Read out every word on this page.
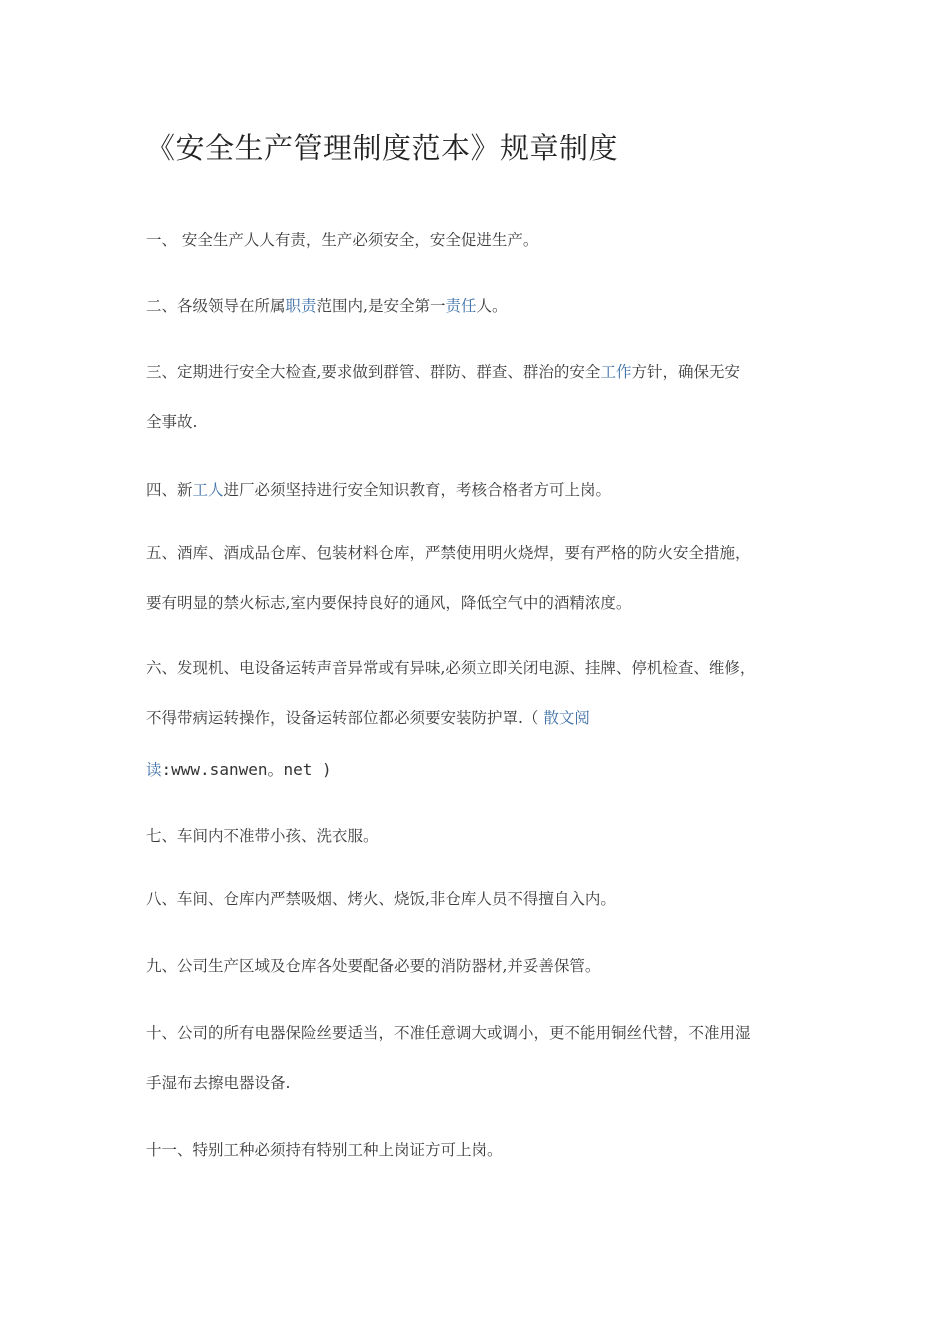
《安全生产管理制度范本》规章制度
一、 安全生产人人有责，生产必须安全，安全促进生产。
二、各级领导在所属职责范围内,是安全第一责任人。
三、定期进行安全大检查,要求做到群管、群防、群查、群治的安全工作方针，确保无安
全事故.
四、新工人进厂必须坚持进行安全知识教育，考核合格者方可上岗。
五、酒库、酒成品仓库、包装材料仓库，严禁使用明火烧焊，要有严格的防火安全措施，
要有明显的禁火标志,室内要保持良好的通风，降低空气中的酒精浓度。
六、发现机、电设备运转声音异常或有异味,必须立即关闭电源、挂牌、停机检查、维修，
不得带病运转操作，设备运转部位都必须要安装防护罩.（ 散文阅
读:www.sanwen。net )
七、车间内不准带小孩、洗衣服。
八、车间、仓库内严禁吸烟、烤火、烧饭,非仓库人员不得擅自入内。
九、公司生产区域及仓库各处要配备必要的消防器材,并妥善保管。
十、公司的所有电器保险丝要适当，不准任意调大或调小，更不能用铜丝代替，不准用湿
手湿布去擦电器设备.
十一、特别工种必须持有特别工种上岗证方可上岗。
